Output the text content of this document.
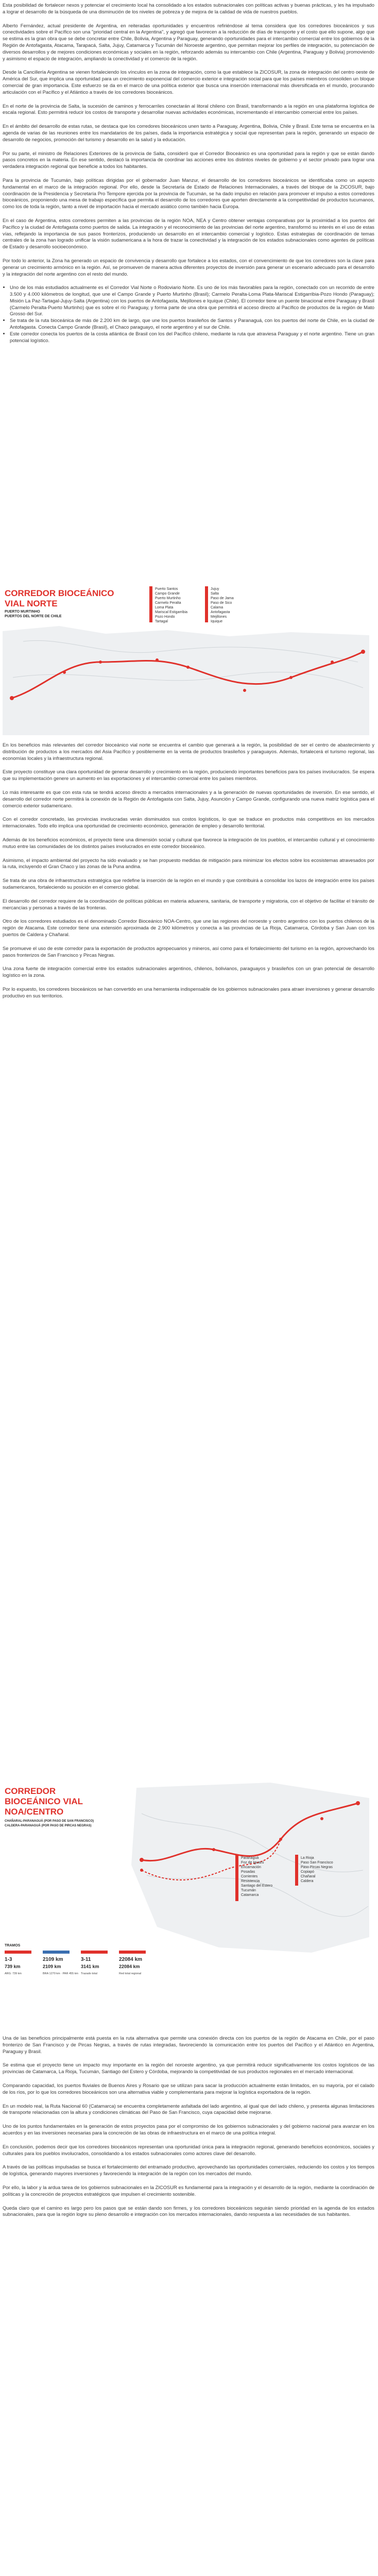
Esta posibilidad de fortalecer nexos y potenciar el crecimiento local ha consolidado a los estados subnacionales con políticas activas y buenas prácticas, y les ha impulsado a lograr el desarrollo de la búsqueda de una disminución de los niveles de pobreza y de mejora de la calidad de vida de nuestros pueblos.

Alberto Fernández, actual presidente de Argentina, en reiteradas oportunidades y encuentros refiriéndose al tema considera que los corredores bioceánicos y sus conectividades sobre el Pacífico son una "prioridad central en la Argentina", y agregó que favorecen a la reducción de días de transporte y el costo que ello supone, algo que se estima es la gran obra que se debe concretar entre Chile, Bolivia, Argentina y Paraguay, generando oportunidades para el intercambio comercial entre los gobiernos de la Región de Antofagasta, Atacama, Tarapacá, Salta, Jujuy, Catamarca y Tucumán del Noroeste argentino, que permitan mejorar los perfiles de integración, su potenciación de diversos desarrollos y de mejores condiciones económicas y sociales en la región, reforzando además su intercambio con Chile (Argentina, Paraguay y Bolivia) promoviendo y asimismo el espacio de integración, ampliando la conectividad y el comercio de la región.

Desde la Cancillería Argentina se vienen fortaleciendo los vínculos en la zona de integración, como la que establece la ZICOSUR, la zona de integración del centro oeste de América del Sur, que implica una oportunidad para un crecimiento exponencial del comercio exterior e integración social para que los países miembros consoliden un bloque comercial de gran importancia. Este esfuerzo se da en el marco de una política exterior que busca una inserción internacional más diversificada en el mundo, procurando articulación con el Pacífico y el Atlántico a través de los corredores bioceánicos.

En el norte de la provincia de Salta, la sucesión de caminos y ferrocarriles conectarán al litoral chileno con Brasil, transformando a la región en una plataforma logística de escala regional. Esto permitirá reducir los costos de transporte y desarrollar nuevas actividades económicas, incrementando el intercambio comercial entre los países.

En el ámbito del desarrollo de estas rutas, se destaca que los corredores bioceánicos unen tanto a Paraguay, Argentina, Bolivia, Chile y Brasil. Este tema se encuentra en la agenda de varias de las reuniones entre los mandatarios de los países, dada la importancia estratégica y social que representan para la región, generando un espacio de desarrollo de negocios, promoción del turismo y desarrollo en la salud y la educación.

Por su parte, el ministro de Relaciones Exteriores de la provincia de Salta, consideró que el Corredor Bioceánico es una oportunidad para la región y que se están dando pasos concretos en la materia. En ese sentido, destacó la importancia de coordinar las acciones entre los distintos niveles de gobierno y el sector privado para lograr una verdadera integración regional que beneficie a todos los habitantes.

Para la provincia de Tucumán, bajo políticas dirigidas por el gobernador Juan Manzur, el desarrollo de los corredores bioceánicos se identificaba como un aspecto fundamental en el marco de la integración regional. Por ello, desde la Secretaría de Estado de Relaciones Internacionales, a través del bloque de la ZICOSUR, bajo coordinación de la Presidencia y Secretaría Pro Tempore ejercida por la provincia de Tucumán, se ha dado impulso en relación para promover el impulso a estos corredores bioceánicos, proponiendo una mesa de trabajo específica que permita el desarrollo de los corredores que aporten directamente a la competitividad de productos tucumanos, como los de toda la región, tanto a nivel de importación hacia el mercado asiático como también hacia Europa.

En el caso de Argentina, estos corredores permiten a las provincias de la región NOA, NEA y Centro obtener ventajas comparativas por la proximidad a los puertos del Pacífico y la ciudad de Antofagasta como puertos de salida. La integración y el reconocimiento de las provincias del norte argentino, transformó su interés en el uso de estas vías, reflejando la importancia de sus pasos fronterizos, produciendo un desarrollo en el intercambio comercial y logístico. Estas estrategias de coordinación de temas centrales de la zona han logrado unificar la visión sudamericana a la hora de trazar la conectividad y la integración de los estados subnacionales como agentes de políticas de Estado y desarrollo socioeconómico.

Por todo lo anterior, la Zona ha generado un espacio de convivencia y desarrollo que fortalece a los estados, con el convencimiento de que los corredores son la clave para generar un crecimiento armónico en la región. Así, se promueven de manera activa diferentes proyectos de inversión para generar un escenario adecuado para el desarrollo y la integración del norte argentino con el resto del mundo.

• Uno de los más estudiados actualmente es el Corredor Vial Norte o Rodoviario Norte. Es uno de los más favorables para la región, conectado con un recorrido de entre 3.500 y 4.000 kilómetros de longitud, que une el Campo Grande y Puerto Murtinho (Brasil); Carmelo Peralta-Loma Plata-Mariscal Estigarribia-Pozo Hondo (Paraguay); Misión La Paz-Tartagal-Jujuy-Salta (Argentina) con los puertos de Antofagasta, Mejillones e Iquique (Chile). El corredor tiene un puente binacional entre Paraguay y Brasil (Carmelo Peralta-Puerto Murtinho) que es sobre el río Paraguay, y forma parte de una obra que permitirá el acceso directo al Pacífico de productos de la región de Mato Grosso del Sur.
• Se trata de la ruta bioceánica de más de 2.200 km de largo, que une los puertos brasileños de Santos y Paranaguá, con los puertos del norte de Chile, en la ciudad de Antofagasta. Conecta Campo Grande (Brasil), el Chaco paraguayo, el norte argentino y el sur de Chile.
• Este corredor conecta los puertos de la costa atlántica de Brasil con los del Pacífico chileno, mediante la ruta que atraviesa Paraguay y el norte argentino. Tiene un gran potencial logístico.
CORREDOR BIOCEÁNICO
VIAL NORTE
PUERTO MURTINHO
PUERTOS DEL NORTE DE CHILE
Puerto Santos
Campo Grande
Puerto Murtinho
Carmelo Peralta
Loma Plata
Mariscal Estigarribia
Pozo Hondo
Tartagal
Jujuy
Salta
Paso de Jama
Paso de Sico
Calama
Antofagasta
Mejillones
Iquique

En los beneficios más relevantes del corredor bioceánico vial norte se encuentra el cambio que generará a la región, la posibilidad de ser el centro de abastecimiento y distribución de productos a los mercados del Asia Pacífico y posiblemente en la venta de productos brasileños y paraguayos. Además, fortalecerá el turismo regional, las economías locales y la infraestructura regional.

Este proyecto constituye una clara oportunidad de generar desarrollo y crecimiento en la región, produciendo importantes beneficios para los países involucrados. Se espera que su implementación genere un aumento en las exportaciones y el intercambio comercial entre los países miembros.

Lo más interesante es que con esta ruta se tendrá acceso directo a mercados internacionales y a la generación de nuevas oportunidades de inversión. En ese sentido, el desarrollo del corredor norte permitirá la conexión de la Región de Antofagasta con Salta, Jujuy, Asunción y Campo Grande, configurando una nueva matriz logística para el comercio exterior sudamericano.

Con el corredor concretado, las provincias involucradas verán disminuidos sus costos logísticos, lo que se traduce en productos más competitivos en los mercados internacionales. Todo ello implica una oportunidad de crecimiento económico, generación de empleo y desarrollo territorial.

Además de los beneficios económicos, el proyecto tiene una dimensión social y cultural que favorece la integración de los pueblos, el intercambio cultural y el conocimiento mutuo entre las comunidades de los distintos países involucrados en este corredor bioceánico.

Asimismo, el impacto ambiental del proyecto ha sido evaluado y se han propuesto medidas de mitigación para minimizar los efectos sobre los ecosistemas atravesados por la ruta, incluyendo el Gran Chaco y las zonas de la Puna andina.

Se trata de una obra de infraestructura estratégica que redefine la inserción de la región en el mundo y que contribuirá a consolidar los lazos de integración entre los países sudamericanos, fortaleciendo su posición en el comercio global.

El desarrollo del corredor requiere de la coordinación de políticas públicas en materia aduanera, sanitaria, de transporte y migratoria, con el objetivo de facilitar el tránsito de mercancías y personas a través de las fronteras.

Otro de los corredores estudiados es el denominado Corredor Bioceánico NOA-Centro, que une las regiones del noroeste y centro argentino con los puertos chilenos de la región de Atacama. Este corredor tiene una extensión aproximada de 2.900 kilómetros y conecta a las provincias de La Rioja, Catamarca, Córdoba y San Juan con los puertos de Caldera y Chañaral.

Se promueve el uso de este corredor para la exportación de productos agropecuarios y mineros, así como para el fortalecimiento del turismo en la región, aprovechando los pasos fronterizos de San Francisco y Pircas Negras.

Una zona fuerte de integración comercial entre los estados subnacionales argentinos, chilenos, bolivianos, paraguayos y brasileños con un gran potencial de desarrollo logístico en la zona.

Por lo expuesto, los corredores bioceánicos se han convertido en una herramienta indispensable de los gobiernos subnacionales para atraer inversiones y generar desarrollo productivo en sus territorios.

CORREDOR
BIOCEÁNICO VIAL
NOA/CENTRO
CHAÑARAL-PARANAGUÁ (POR PASO DE SAN FRANCISCO)
CALDERA-PARANAGUÁ (POR PASO DE PIRCAS NEGRAS)
Paranaguá
Foz de Iguazú
Encarnación
Posadas
Corrientes
Resistencia
Santiago del Estero
Tucumán
Catamarca
La Rioja
Paso San Francisco
Paso Pircas Negras
Copiapó
Chañaral
Caldera
TRAMOS
1-3	2109 km	3-11	22084 km
739 km	2109 km	3141 km	22084 km
ARG: 739 km	BRA 1270 km · PAR 455 km Trazado total	Red total regional

Una de las beneficios principalmente está puesta en la ruta alternativa que permite una conexión directa con los puertos de la región de Atacama en Chile, por el paso fronterizo de San Francisco y de Pircas Negras, a través de rutas integradas, favoreciendo la comunicación entre los puertos del Pacífico y el Atlántico en Argentina, Paraguay y Brasil.

Se estima que el proyecto tiene un impacto muy importante en la región del noroeste argentino, ya que permitirá reducir significativamente los costos logísticos de las provincias de Catamarca, La Rioja, Tucumán, Santiago del Estero y Córdoba, mejorando la competitividad de sus productos regionales en el mercado internacional.

Comparando capacidad, los puertos fluviales de Buenos Aires y Rosario que se utilizan para sacar la producción actualmente están limitados, en su mayoría, por el calado de los ríos, por lo que los corredores bioceánicos son una alternativa viable y complementaria para mejorar la logística exportadora de la región.

En un modelo real, la Ruta Nacional 60 (Catamarca) se encuentra completamente asfaltada del lado argentino, al igual que del lado chileno, y presenta algunas limitaciones de transporte relacionadas con la altura y condiciones climáticas del Paso de San Francisco, cuya capacidad debe mejorarse.

Uno de los puntos fundamentales en la generación de estos proyectos pasa por el compromiso de los gobiernos subnacionales y del gobierno nacional para avanzar en los acuerdos y en las inversiones necesarias para la concreción de las obras de infraestructura en el marco de una política integral.

En conclusión, podemos decir que los corredores bioceánicos representan una oportunidad única para la integración regional, generando beneficios económicos, sociales y culturales para los pueblos involucrados, consolidando a los estados subnacionales como actores clave del desarrollo.

A través de las políticas impulsadas se busca el fortalecimiento del entramado productivo, aprovechando las oportunidades comerciales, reduciendo los costos y los tiempos de logística, generando mayores inversiones y favoreciendo la integración de la región con los mercados del mundo.

Por ello, la labor y la ardua tarea de los gobiernos subnacionales en la ZICOSUR es fundamental para la integración y el desarrollo de la región, mediante la coordinación de políticas y la concreción de proyectos estratégicos que impulsen el crecimiento sostenible.

Queda claro que el camino es largo pero los pasos que se están dando son firmes, y los corredores bioceánicos seguirán siendo prioridad en la agenda de los estados subnacionales, para que la región logre su pleno desarrollo e integración con los mercados internacionales, dando respuesta a las necesidades de sus habitantes.
